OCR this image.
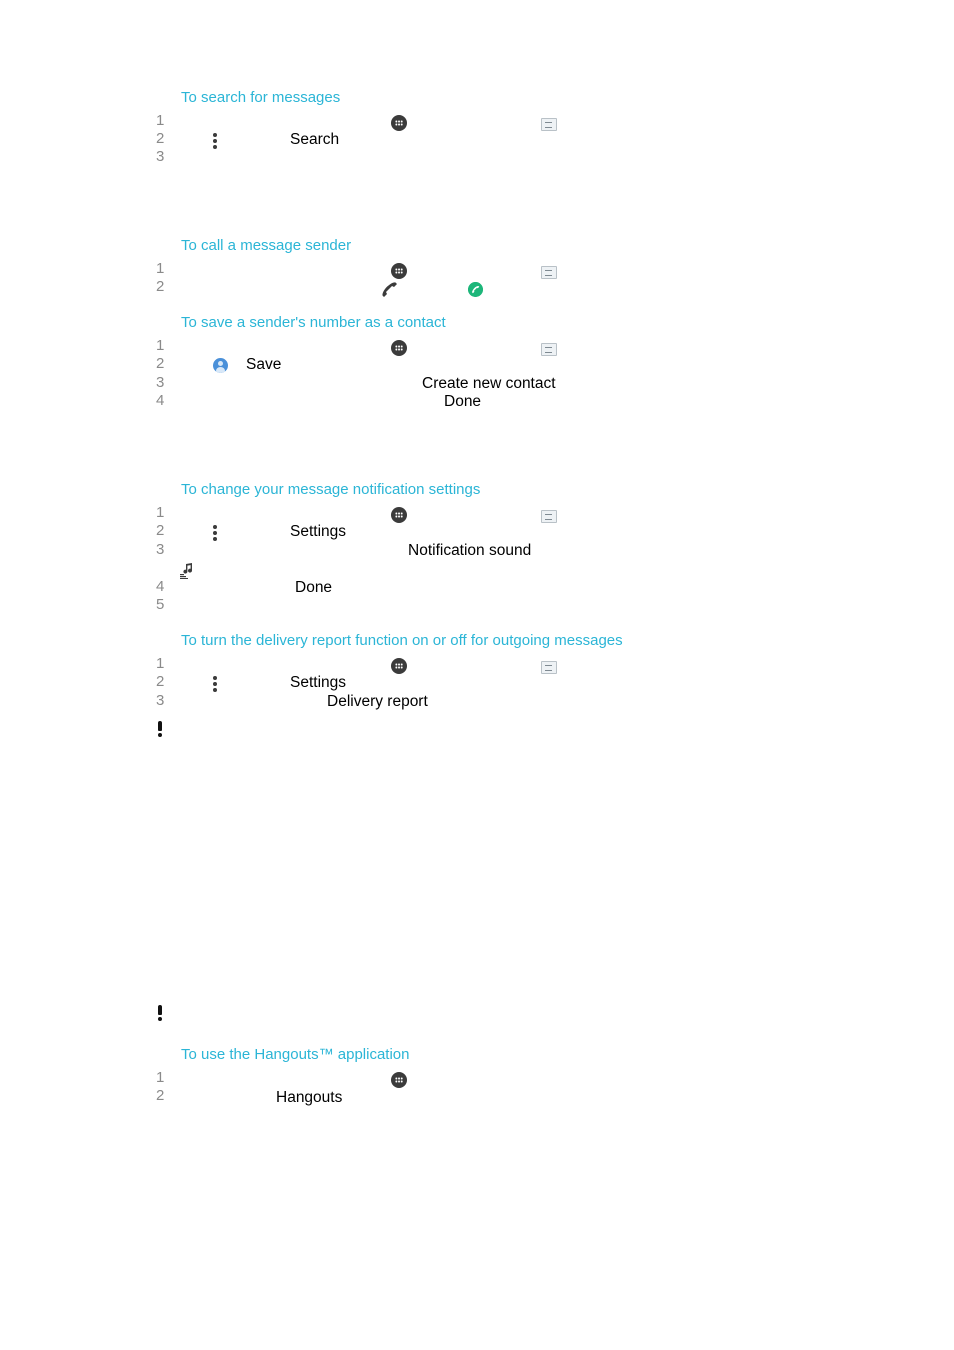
To search for messages
1
2
3
Search
To call a message sender
1
2
To save a sender's number as a contact
1
2
3
4
Save
Create new contact
Done
To change your message notification settings
1
2
3
4
5
Settings
Notification sound
Done
To turn the delivery report function on or off for outgoing messages
1
2
3
Settings
Delivery report
To use the Hangouts™ application
1
2	Hangouts
